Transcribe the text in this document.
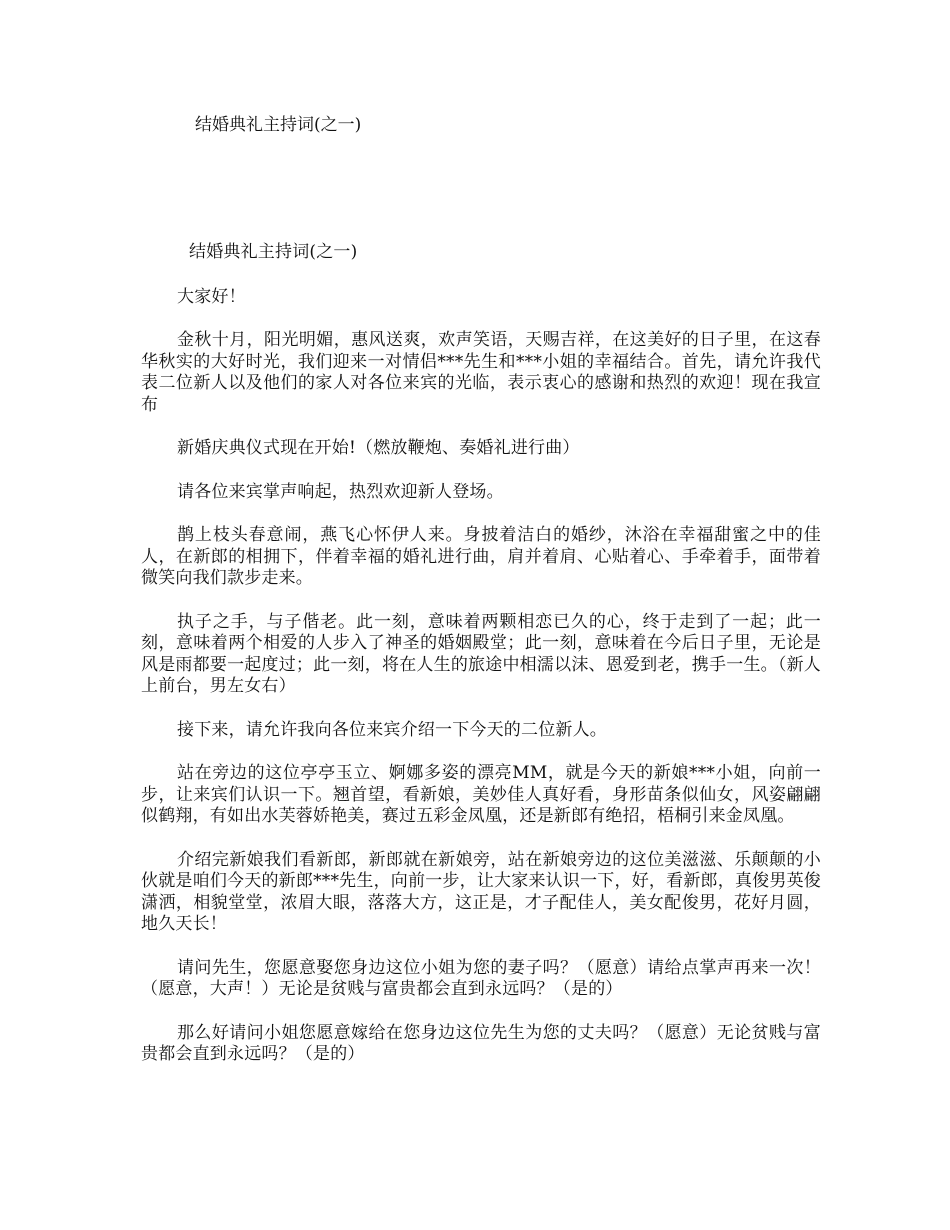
结婚典礼主持词(之一)

结婚典礼主持词(之一)

大家好！

金秋十月，阳光明媚，惠风送爽，欢声笑语，天赐吉祥，在这美好的日子里，在这春华秋实的大好时光，我们迎来一对情侣***先生和***小姐的幸福结合。首先，请允许我代表二位新人以及他们的家人对各位来宾的光临，表示衷心的感谢和热烈的欢迎！现在我宣布

新婚庆典仪式现在开始!（燃放鞭炮、奏婚礼进行曲）

请各位来宾掌声响起，热烈欢迎新人登场。

鹊上枝头春意闹，燕飞心怀伊人来。身披着洁白的婚纱，沐浴在幸福甜蜜之中的佳人，在新郎的相拥下，伴着幸福的婚礼进行曲，肩并着肩、心贴着心、手牵着手，面带着微笑向我们款步走来。

执子之手，与子偕老。此一刻，意味着两颗相恋已久的心，终于走到了一起；此一刻，意味着两个相爱的人步入了神圣的婚姻殿堂；此一刻，意味着在今后日子里，无论是风是雨都要一起度过；此一刻，将在人生的旅途中相濡以沫、恩爱到老，携手一生。（新人上前台，男左女右）

接下来，请允许我向各位来宾介绍一下今天的二位新人。

站在旁边的这位亭亭玉立、婀娜多姿的漂亮MM，就是今天的新娘***小姐，向前一步，让来宾们认识一下。翘首望，看新娘，美妙佳人真好看，身形苗条似仙女，风姿翩翩似鹤翔，有如出水芙蓉娇艳美，赛过五彩金凤凰，还是新郎有绝招，梧桐引来金凤凰。

介绍完新娘我们看新郎，新郎就在新娘旁，站在新娘旁边的这位美滋滋、乐颠颠的小伙就是咱们今天的新郎***先生，向前一步，让大家来认识一下，好，看新郎，真俊男英俊潇洒，相貌堂堂，浓眉大眼，落落大方，这正是，才子配佳人，美女配俊男，花好月圆，地久天长！

请问先生，您愿意娶您身边这位小姐为您的妻子吗？（愿意）请给点掌声再来一次！（愿意，大声！）无论是贫贱与富贵都会直到永远吗？（是的）

那么好请问小姐您愿意嫁给在您身边这位先生为您的丈夫吗？（愿意）无论贫贱与富贵都会直到永远吗？（是的）
